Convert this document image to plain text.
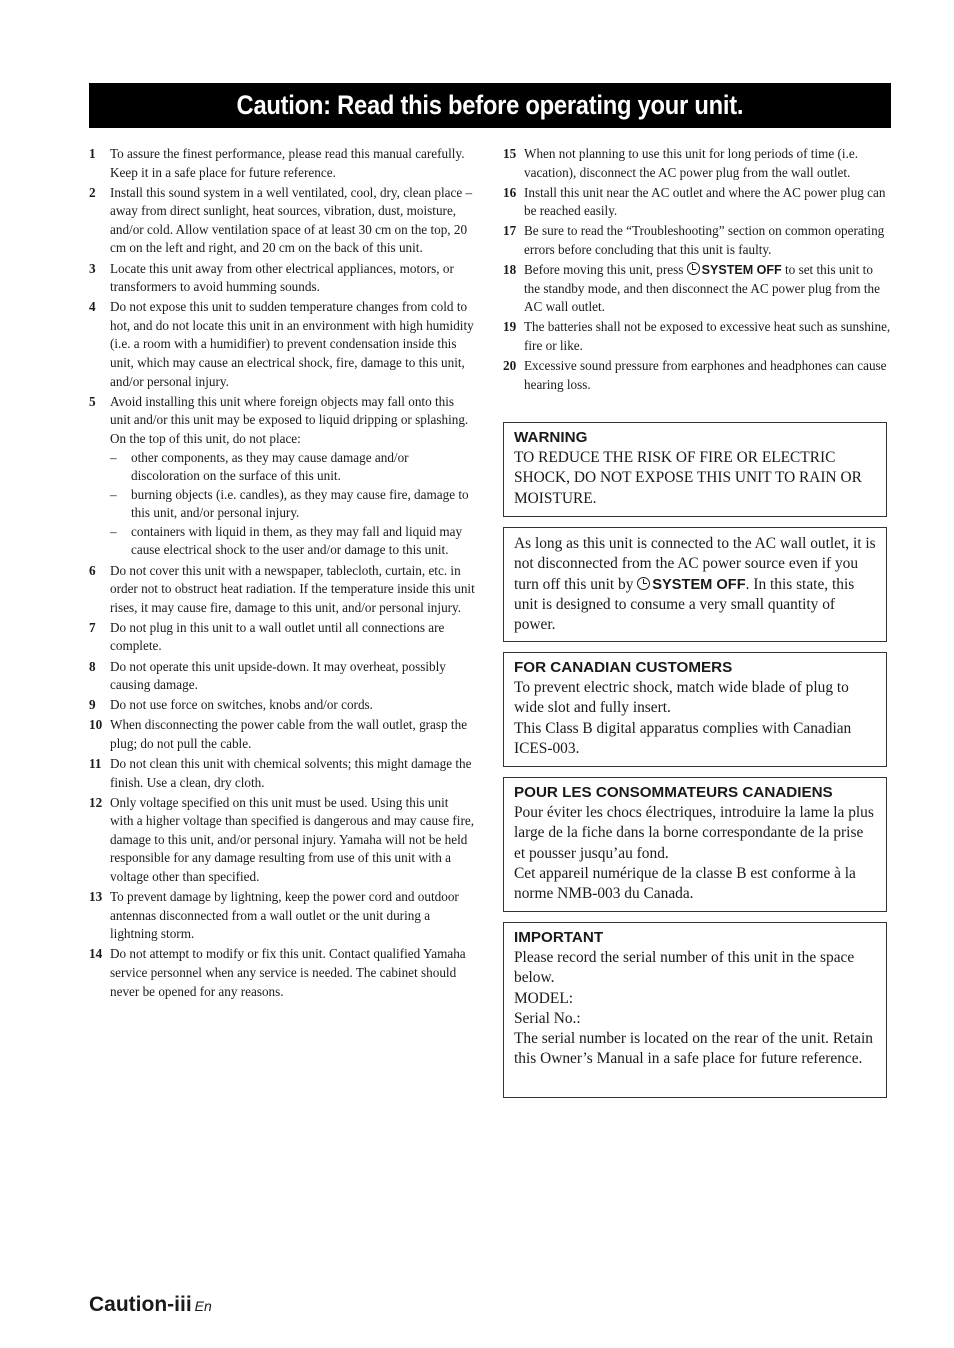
Caution: Read this before operating your unit.
1	To assure the finest performance, please read this manual carefully. Keep it in a safe place for future reference.
2	Install this sound system in a well ventilated, cool, dry, clean place – away from direct sunlight, heat sources, vibration, dust, moisture, and/or cold. Allow ventilation space of at least 30 cm on the top, 20 cm on the left and right, and 20 cm on the back of this unit.
3	Locate this unit away from other electrical appliances, motors, or transformers to avoid humming sounds.
4	Do not expose this unit to sudden temperature changes from cold to hot, and do not locate this unit in an environment with high humidity (i.e. a room with a humidifier) to prevent condensation inside this unit, which may cause an electrical shock, fire, damage to this unit, and/or personal injury.
5	Avoid installing this unit where foreign objects may fall onto this unit and/or this unit may be exposed to liquid dripping or splashing. On the top of this unit, do not place:
–	other components, as they may cause damage and/or discoloration on the surface of this unit.
–	burning objects (i.e. candles), as they may cause fire, damage to this unit, and/or personal injury.
–	containers with liquid in them, as they may fall and liquid may cause electrical shock to the user and/or damage to this unit.
6	Do not cover this unit with a newspaper, tablecloth, curtain, etc. in order not to obstruct heat radiation. If the temperature inside this unit rises, it may cause fire, damage to this unit, and/or personal injury.
7	Do not plug in this unit to a wall outlet until all connections are complete.
8	Do not operate this unit upside-down. It may overheat, possibly causing damage.
9	Do not use force on switches, knobs and/or cords.
10 When disconnecting the power cable from the wall outlet, grasp the plug; do not pull the cable.
11 Do not clean this unit with chemical solvents; this might damage the finish. Use a clean, dry cloth.
12 Only voltage specified on this unit must be used. Using this unit with a higher voltage than specified is dangerous and may cause fire, damage to this unit, and/or personal injury. Yamaha will not be held responsible for any damage resulting from use of this unit with a voltage other than specified.
13 To prevent damage by lightning, keep the power cord and outdoor antennas disconnected from a wall outlet or the unit during a lightning storm.
14 Do not attempt to modify or fix this unit. Contact qualified Yamaha service personnel when any service is needed. The cabinet should never be opened for any reasons.
15 When not planning to use this unit for long periods of time (i.e. vacation), disconnect the AC power plug from the wall outlet.
16 Install this unit near the AC outlet and where the AC power plug can be reached easily.
17 Be sure to read the “Troubleshooting” section on common operating errors before concluding that this unit is faulty.
18 Before moving this unit, press SYSTEM OFF to set this unit to the standby mode, and then disconnect the AC power plug from the AC wall outlet.
19 The batteries shall not be exposed to excessive heat such as sunshine, fire or like.
20 Excessive sound pressure from earphones and headphones can cause hearing loss.
WARNING
TO REDUCE THE RISK OF FIRE OR ELECTRIC SHOCK, DO NOT EXPOSE THIS UNIT TO RAIN OR MOISTURE.
As long as this unit is connected to the AC wall outlet, it is not disconnected from the AC power source even if you turn off this unit by SYSTEM OFF. In this state, this unit is designed to consume a very small quantity of power.
FOR CANADIAN CUSTOMERS
To prevent electric shock, match wide blade of plug to wide slot and fully insert.
This Class B digital apparatus complies with Canadian ICES-003.
POUR LES CONSOMMATEURS CANADIENS
Pour éviter les chocs électriques, introduire la lame la plus large de la fiche dans la borne correspondante de la prise et pousser jusqu’au fond.
Cet appareil numérique de la classe B est conforme à la norme NMB-003 du Canada.
IMPORTANT
Please record the serial number of this unit in the space below.
MODEL:
Serial No.:
The serial number is located on the rear of the unit. Retain this Owner’s Manual in a safe place for future reference.
Caution-iii En
